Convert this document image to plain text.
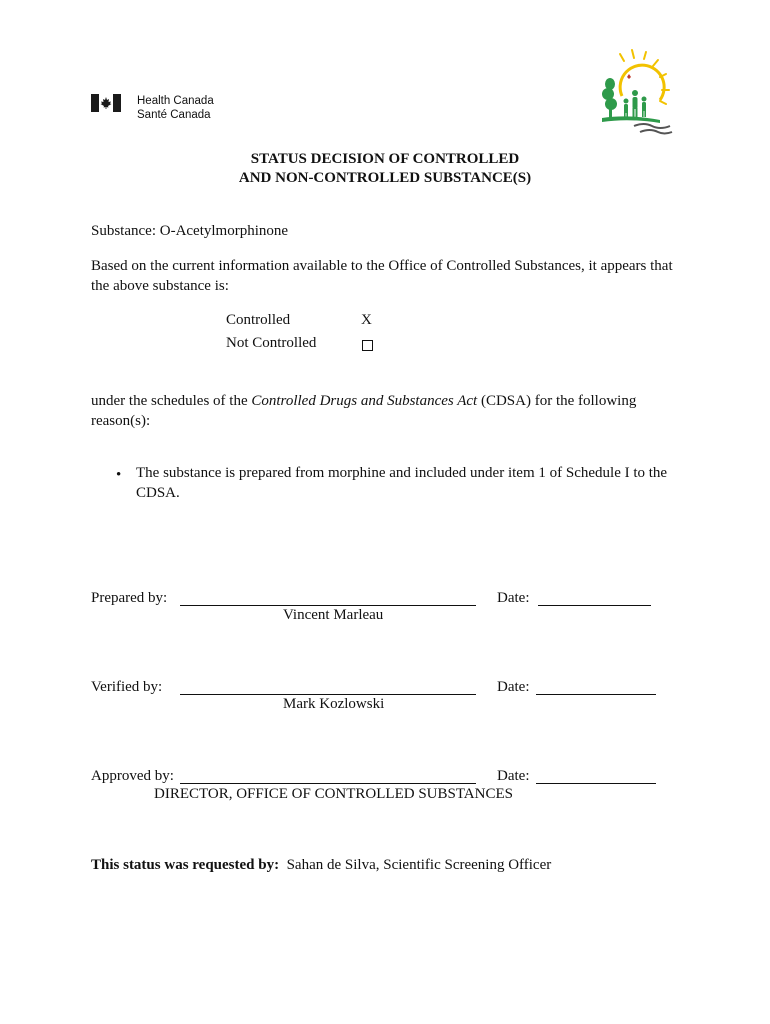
Health Canada
Santé Canada
STATUS DECISION OF CONTROLLED
AND NON-CONTROLLED SUBSTANCE(S)
Substance: O-Acetylmorphinone
Based on the current information available to the Office of Controlled Substances, it appears that
the above substance is:
Controlled	X
Not Controlled
under the schedules of the Controlled Drugs and Substances Act (CDSA) for the following
reason(s):
• The substance is prepared from morphine and included under item 1 of Schedule I to the
CDSA.
Prepared by:	Date:
Vincent Marleau
Verified by:	Date:
Mark Kozlowski
Approved by:	Date:
DIRECTOR, OFFICE OF CONTROLLED SUBSTANCES
This status was requested by: Sahan de Silva, Scientific Screening Officer
